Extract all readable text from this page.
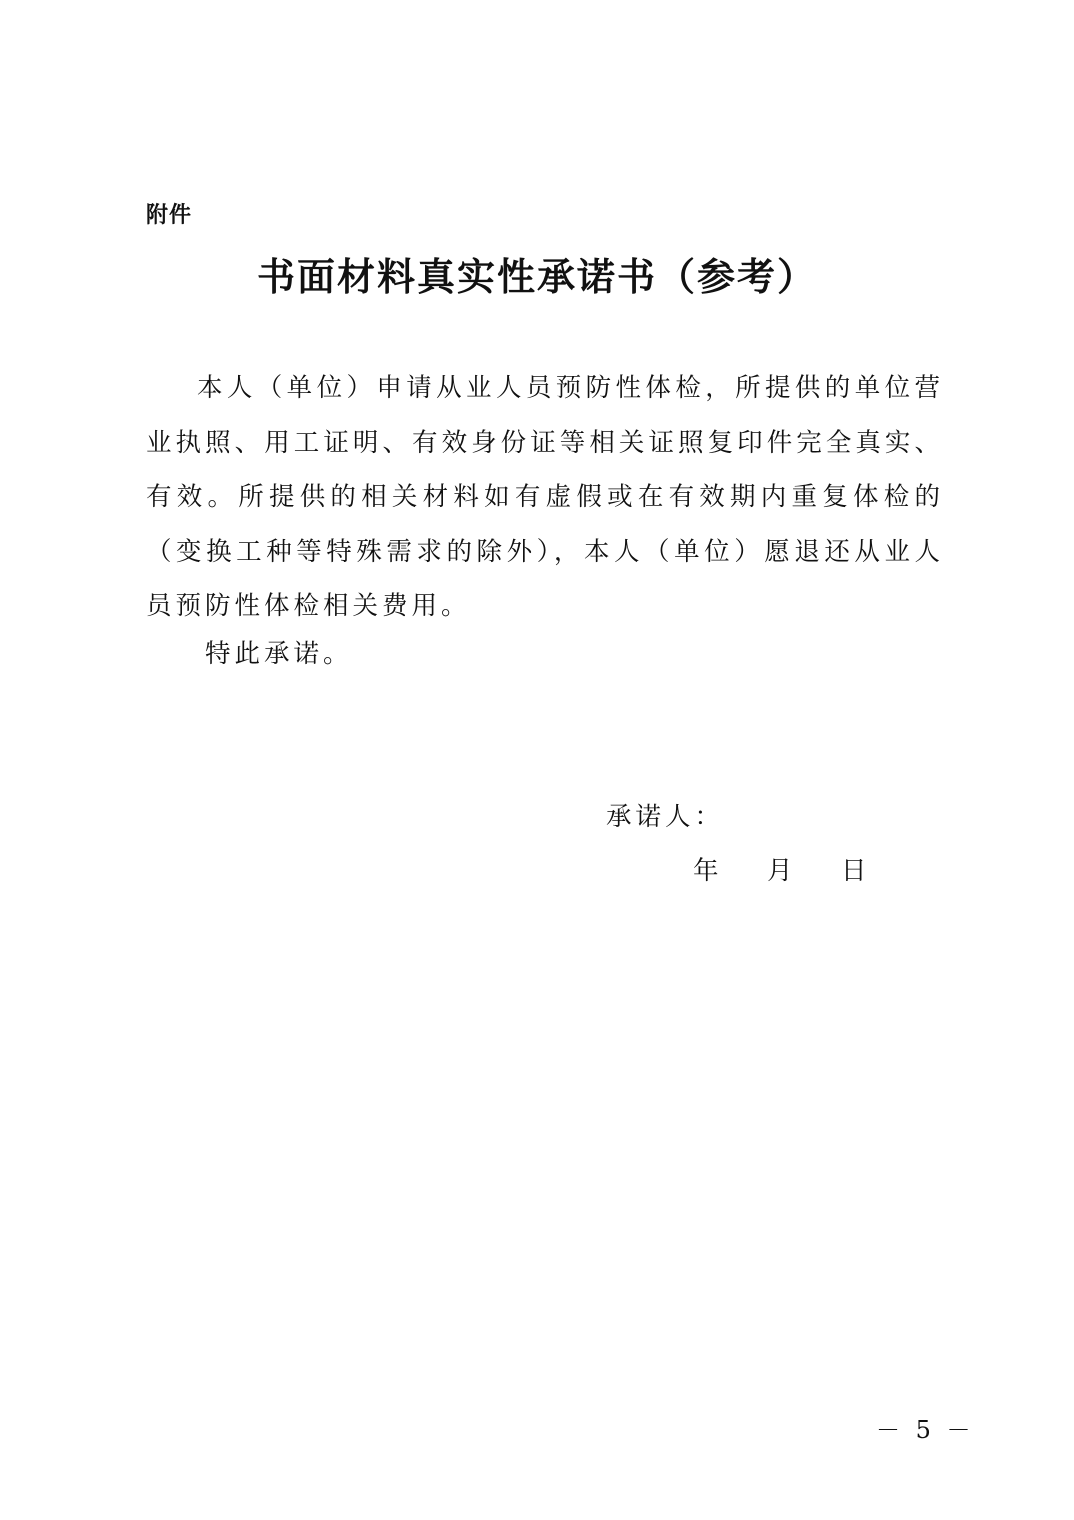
附件
书面材料真实性承诺书（参考）

本人（单位）申请从业人员预防性体检，所提供的单位营业执照、用工证明、有效身份证等相关证照复印件完全真实、有效。所提供的相关材料如有虚假或在有效期内重复体检的（变换工种等特殊需求的除外），本人（单位）愿退还从业人员预防性体检相关费用。

特此承诺。

承诺人：
年 月 日
－ 5 －
